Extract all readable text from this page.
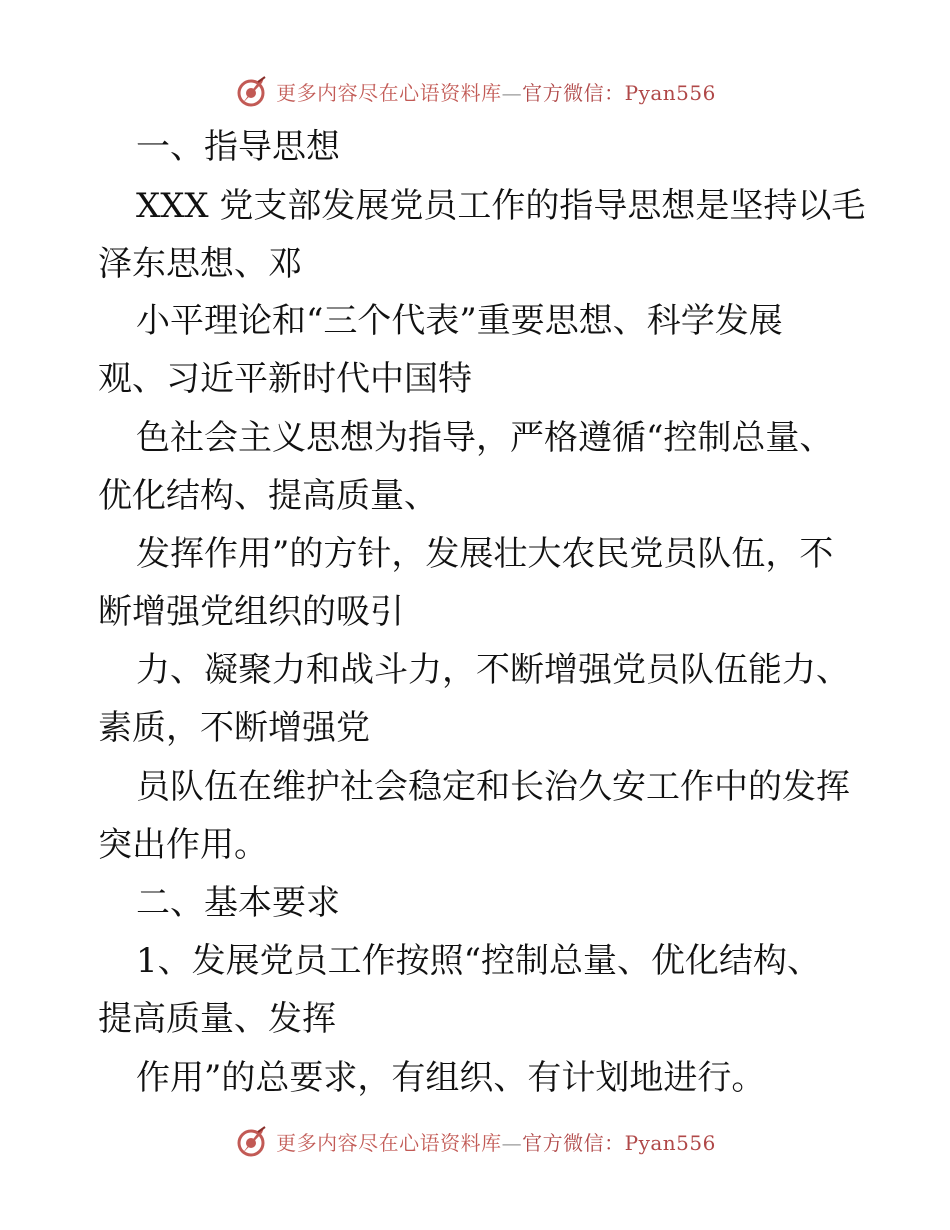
更多内容尽在心语资料库—官方微信：Pyan556
一、指导思想
XXX 党支部发展党员工作的指导思想是坚持以毛
泽东思想、邓
小平理论和“三个代表”重要思想、科学发展
观、习近平新时代中国特
色社会主义思想为指导，严格遵循“控制总量、
优化结构、提高质量、
发挥作用”的方针，发展壮大农民党员队伍，不
断增强党组织的吸引
力、凝聚力和战斗力，不断增强党员队伍能力、
素质，不断增强党
员队伍在维护社会稳定和长治久安工作中的发挥
突出作用。
二、基本要求
1、发展党员工作按照“控制总量、优化结构、
提高质量、发挥
作用”的总要求，有组织、有计划地进行。
更多内容尽在心语资料库—官方微信：Pyan556
